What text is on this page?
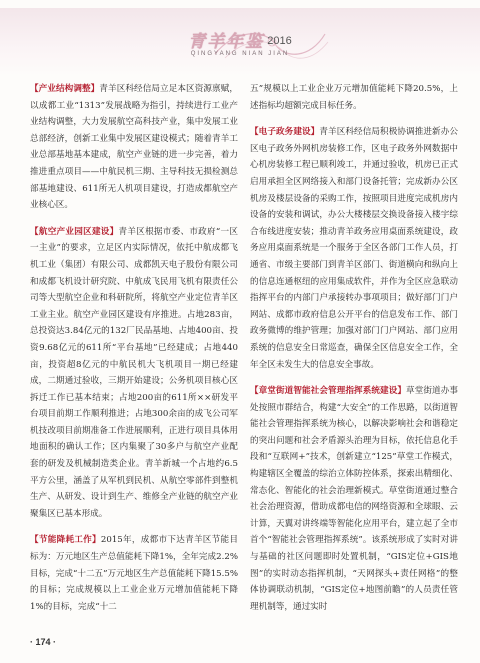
青羊年鉴 2016
QINGYANG NIAN JIAN

【产业结构调整】青羊区科经信局立足本区资源禀赋，以成都工业“1313”发展战略为指引，持续进行工业产业结构调整，大力发展航空高科技产业，集中发展工业总部经济，创新工业集中发展区建设模式；随着青羊工业总部基地基本建成，航空产业链的进一步完善，着力推进重点项目——中航民机三期、主导科技无损检测总部基地建设、611所无人机项目建设，打造成都航空产业核心区。

【航空产业园区建设】青羊区根据市委、市政府“一区一主业”的要求，立足区内实际情况，依托中航成都飞机工业（集团）有限公司、成都凯天电子股份有限公司和成都飞机设计研究院、中航成飞民用飞机有限责任公司等大型航空企业和科研院所，将航空产业定位青羊区工业主业。航空产业园区建设有序推进。占地283亩，总投资达3.84亿元的132厂民品基地、占地400亩、投资9.68亿元的611所“平台基地”已经建成；占地440亩，投资超8亿元的中航民机大飞机项目一期已经建成，二期通过验收，三期开始建设；公务机项目核心区拆迁工作已基本结束；占地200亩的611所××研发平台项目前期工作顺利推进；占地300余亩的成飞公司军机技改项目前期准备工作进展顺利，正进行项目具体用地面积的确认工作；区内集聚了30多户与航空产业配套的研发及机械制造类企业。青羊新城一个占地约6.5平方公里，涵盖了从军机到民机、从航空零部件到整机生产、从研发、设计到生产、维修全产业链的航空产业聚集区已基本形成。

【节能降耗工作】2015年，成都市下达青羊区节能目标为：万元地区生产总值能耗下降1%，全年完成2.2%目标，完成“十二五”万元地区生产总值能耗下降15.5%的目标；完成规模以上工业企业万元增加值能耗下降1%的目标，完成“十二

五”规模以上工业企业万元增加值能耗下降20.5%，上述指标均超额完成目标任务。

【电子政务建设】青羊区科经信局积极协调推进新办公区电子政务外网机房装修工作，区电子政务外网数据中心机房装修工程已顺利竣工，并通过验收，机房已正式启用承担全区网络接入和部门设备托管；完成新办公区机房及楼层设备的采购工作，按照项目进度完成机房内设备的安装和调试，办公大楼楼层交换设备接入楼宇综合布线进度安装；推动青羊政务应用桌面系统建设，政务应用桌面系统是一个服务于全区各部门工作人员，打通省、市级主要部门到青羊区部门、街道横向和纵向上的信息连通枢纽的应用集成软件，并作为全区应急联动指挥平台的内部门户承接转办事项项目；做好部门门户网站、成都市政府信息公开平台的信息发布工作、部门政务微博的维护管理；加强对部门门户网站、部门应用系统的信息安全日常巡查，确保全区信息安全工作，全年全区未发生大的信息安全事故。

【章堂街道智能社会管理指挥系统建设】草堂街道办事处按照市群结合，构建“大安全”的工作思路，以街道智能社会管理指挥系统为核心，以解决影响社会和谐稳定的突出问题和社会矛盾源头治理为目标，依托信息化手段和“互联网+”技术，创新建立“125”草堂工作模式，构建辖区全覆盖的综治立体防控体系，探索出精细化、常态化、智能化的社会治理新模式。草堂街道通过整合社会治理资源，借助成都电信的网络资源和全球眼、云计算，天翼对讲终端等智能化应用平台，建立起了全市首个“智能社会管理指挥系统”。该系统形成了实时对讲与基础的社区问题即时处置机制，“GIS定位+GIS地图”的实时动态指挥机制，“天网探头+责任网格”的整体协调联动机制，“GIS定位+地图前瞻”的人员责任管理机制等，通过实时

· 174 ·
